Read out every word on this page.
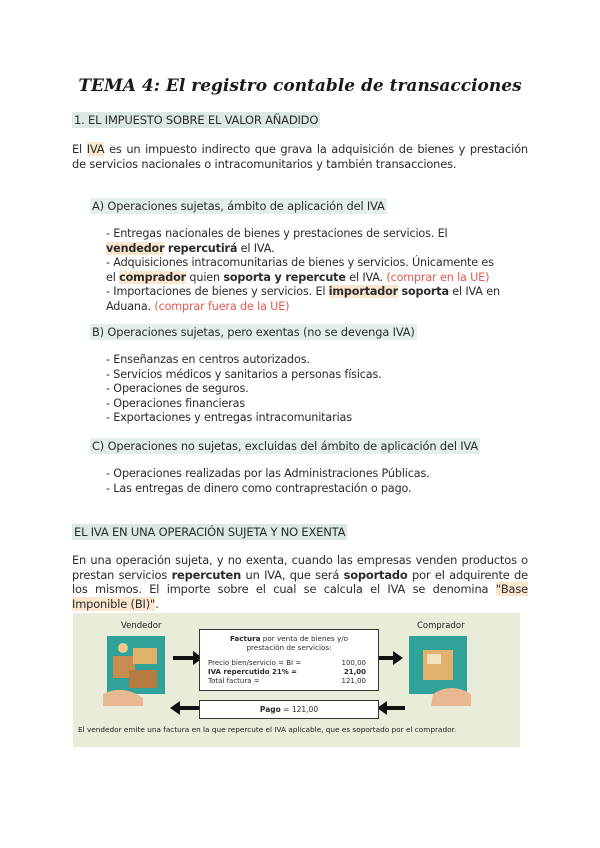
TEMA 4: El registro contable de transacciones
1. EL IMPUESTO SOBRE EL VALOR AÑADIDO
El IVA es un impuesto indirecto que grava la adquisición de bienes y prestación de servicios nacionales o intracomunitarios y también transacciones.
A) Operaciones sujetas, ámbito de aplicación del IVA
- Entregas nacionales de bienes y prestaciones de servicios. El
vendedor repercutirá el IVA.
- Adquisiciones intracomunitarias de bienes y servicios. Únicamente es
el comprador quien soporta y repercute el IVA. (comprar en la UE)
- Importaciones de bienes y servicios. El importador soporta el IVA en
Aduana. (comprar fuera de la UE)
B) Operaciones sujetas, pero exentas (no se devenga IVA)
- Enseñanzas en centros autorizados.
- Servicios médicos y sanitarios a personas físicas.
- Operaciones de seguros.
- Operaciones financieras
- Exportaciones y entregas intracomunitarias
C) Operaciones no sujetas, excluidas del ámbito de aplicación del IVA
- Operaciones realizadas por las Administraciones Públicas.
- Las entregas de dinero como contraprestación o pago.
EL IVA EN UNA OPERACIÓN SUJETA Y NO EXENTA
En una operación sujeta, y no exenta, cuando las empresas venden productos o prestan servicios repercuten un IVA, que será soportado por el adquirente de los mismos. El importe sobre el cual se calcula el IVA se denomina "Base Imponible (BI)".
Vendedor	Comprador
Factura por venta de bienes y/o
prestación de servicios:
Precio bien/servicio = BI =	100,00
IVA repercutido 21% =	21,00
Total factura =	121,00
Pago = 121,00
El vendedor emite una factura en la que repercute el IVA aplicable, que es soportado por el comprador.
